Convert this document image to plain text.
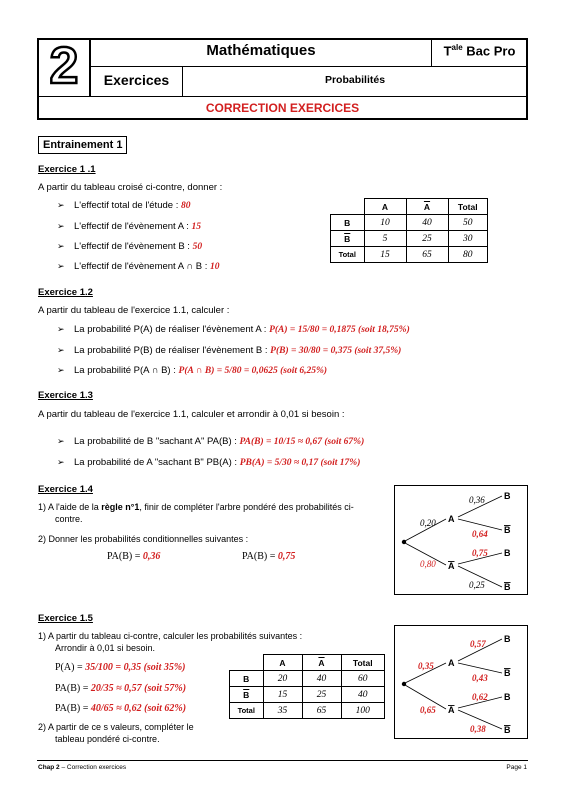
2	Mathématiques	$T^{ale}$ Bac Pro
Exercices	Probabilités
CORRECTION EXERCICES
Entrainement 1
Exercice 1 .1
A partir du tableau croisé ci-contre, donner :
➢ L'effectif total de l'étude : 80
➢ L'effectif de l'évènement A : 15
➢ L'effectif de l'évènement B : 50
➢ L'effectif de l'évènement A ∩ B : 10
	A	$\overline{A}$	Total
B	10	40	50
$\overline{B}$	5	25	30
Total	15	65	80
Exercice 1.2
A partir du tableau de l'exercice 1.1, calculer :
➢ La probabilité P(A) de réaliser l'évènement A : P(A) = 15/80 = 0,1875 (soit 18,75%)
➢ La probabilité P(B) de réaliser l'évènement B : P(B) = 30/80 = 0,375 (soit 37,5%)
➢ La probabilité P(A ∩ B) : P(A ∩ B) = 5/80 = 0,0625 (soit 6,25%)
Exercice 1.3
A partir du tableau de l'exercice 1.1, calculer et arrondir à 0,01 si besoin :
➢ La probabilité de B "sachant A" PA(B) : PA(B) = 10/15 ≈ 0,67 (soit 67%)
➢ La probabilité de A "sachant B" PB(A) : PB(A) = 5/30 ≈ 0,17 (soit 17%)
Exercice 1.4
1) A l'aide de la règle n°1, finir de compléter l'arbre pondéré des probabilités ci-
contre.
2) Donner les probabilités conditionnelles suivantes :
PA(B) = 0,36	PA(B) = 0,75
A
A
B
B
B
B
0,20
0,80
0,36
0,64
0,75
0,25
Exercice 1.5
1) A partir du tableau ci-contre, calculer les probabilités suivantes :
Arrondir à 0,01 si besoin.
P(A) = 35/100 = 0,35 (soit 35%)
PA(B) = 20/35 ≈ 0,57 (soit 57%)
PA(B) = 40/65 ≈ 0,62 (soit 62%)
2) A partir de ce s valeurs, compléter le
tableau pondéré ci-contre.
	A	$\overline{A}$	Total
B	20	40	60
$\overline{B}$	15	25	40
Total	35	65	100
A
A
B
B
B
B
0,35
0,65
0,57
0,43
0,62
0,38
Chap 2 – Correction exercices	Page 1
